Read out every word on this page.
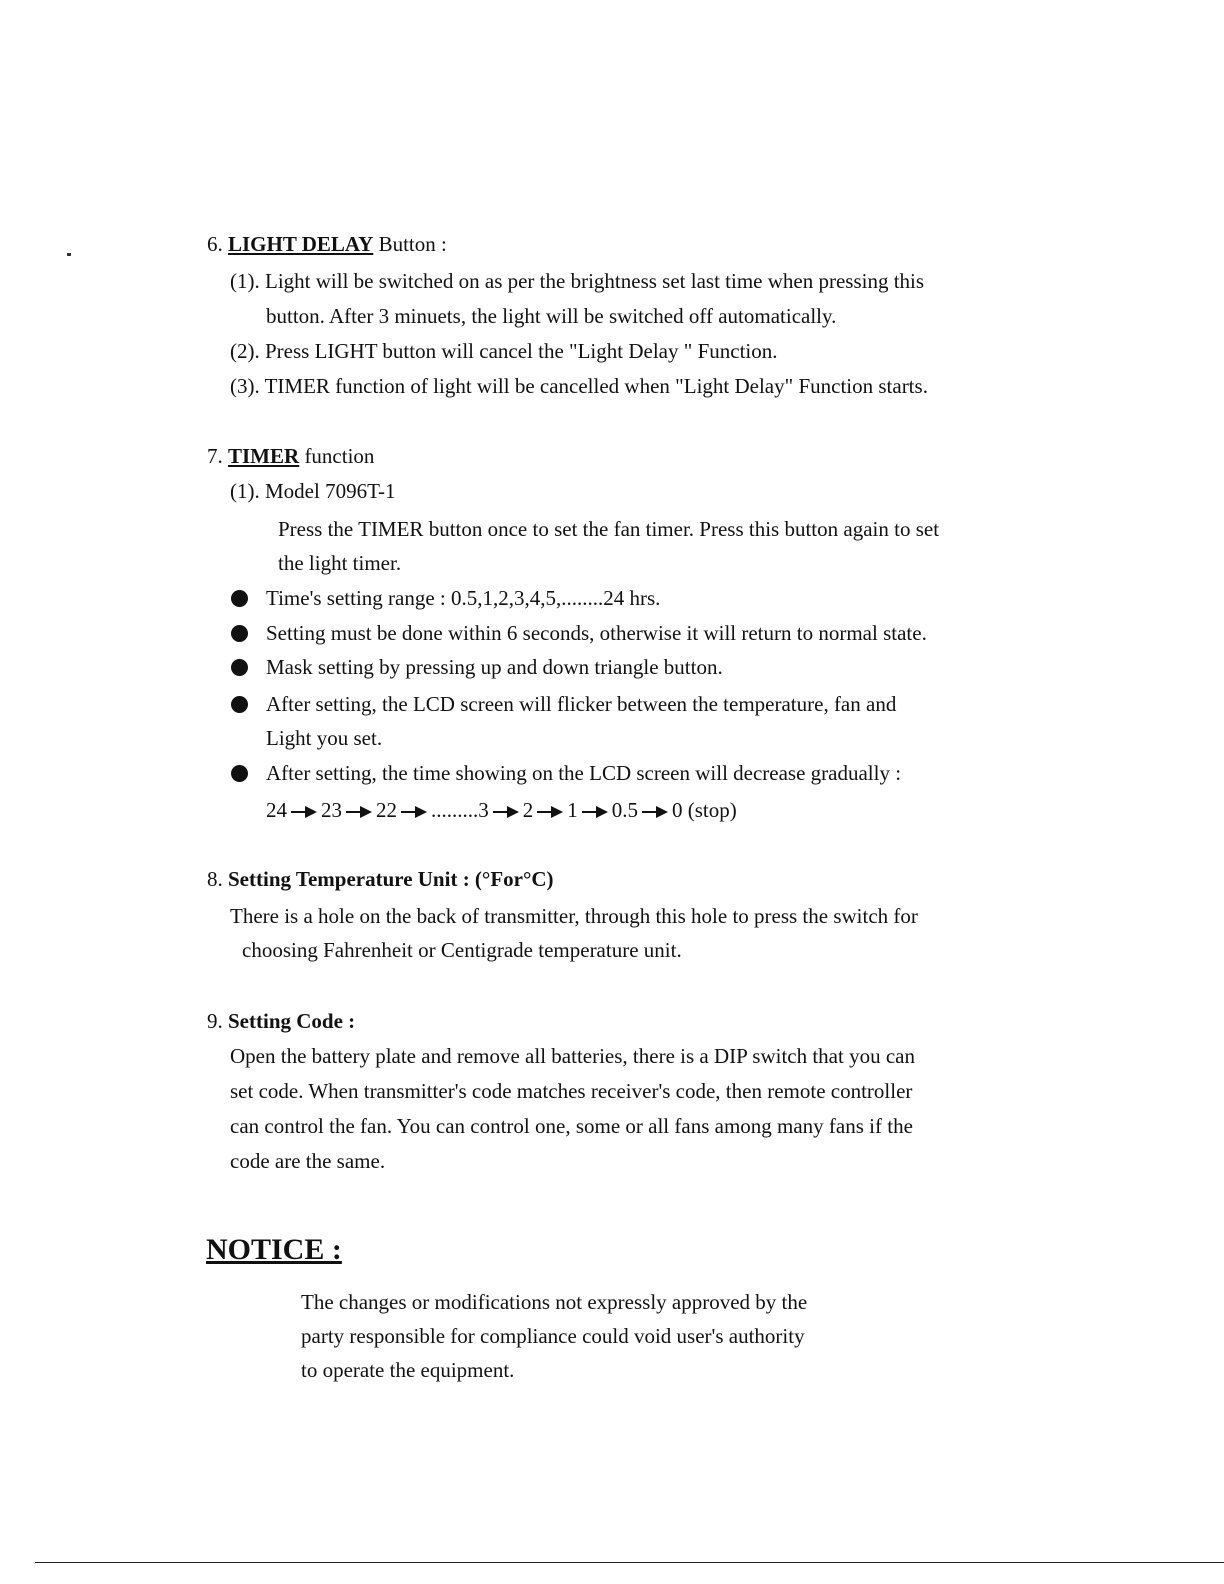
6. LIGHT DELAY Button :
(1). Light will be switched on as per the brightness set last time when pressing this
button. After 3 minuets, the light will be switched off automatically.
(2). Press LIGHT button will cancel the "Light Delay " Function.
(3). TIMER function of light will be cancelled when "Light Delay" Function starts.
7. TIMER function
(1). Model 7096T-1
Press the TIMER button once to set the fan timer. Press this button again to set
the light timer.
Time's setting range : 0.5,1,2,3,4,5,........24 hrs.
Setting must be done within 6 seconds, otherwise it will return to normal state.
Mask setting by pressing up and down triangle button.
After setting, the LCD screen will flicker between the temperature, fan and
Light you set.
After setting, the time showing on the LCD screen will decrease gradually :
24 23 22 .........3 2 1 0.5 0 (stop)
8. Setting Temperature Unit : (°For°C)
There is a hole on the back of transmitter, through this hole to press the switch for
choosing Fahrenheit or Centigrade temperature unit.
9. Setting Code :
Open the battery plate and remove all batteries, there is a DIP switch that you can
set code. When transmitter's code matches receiver's code, then remote controller
can control the fan. You can control one, some or all fans among many fans if the
code are the same.
NOTICE :
The changes or modifications not expressly approved by the
party responsible for compliance could void user's authority
to operate the equipment.
